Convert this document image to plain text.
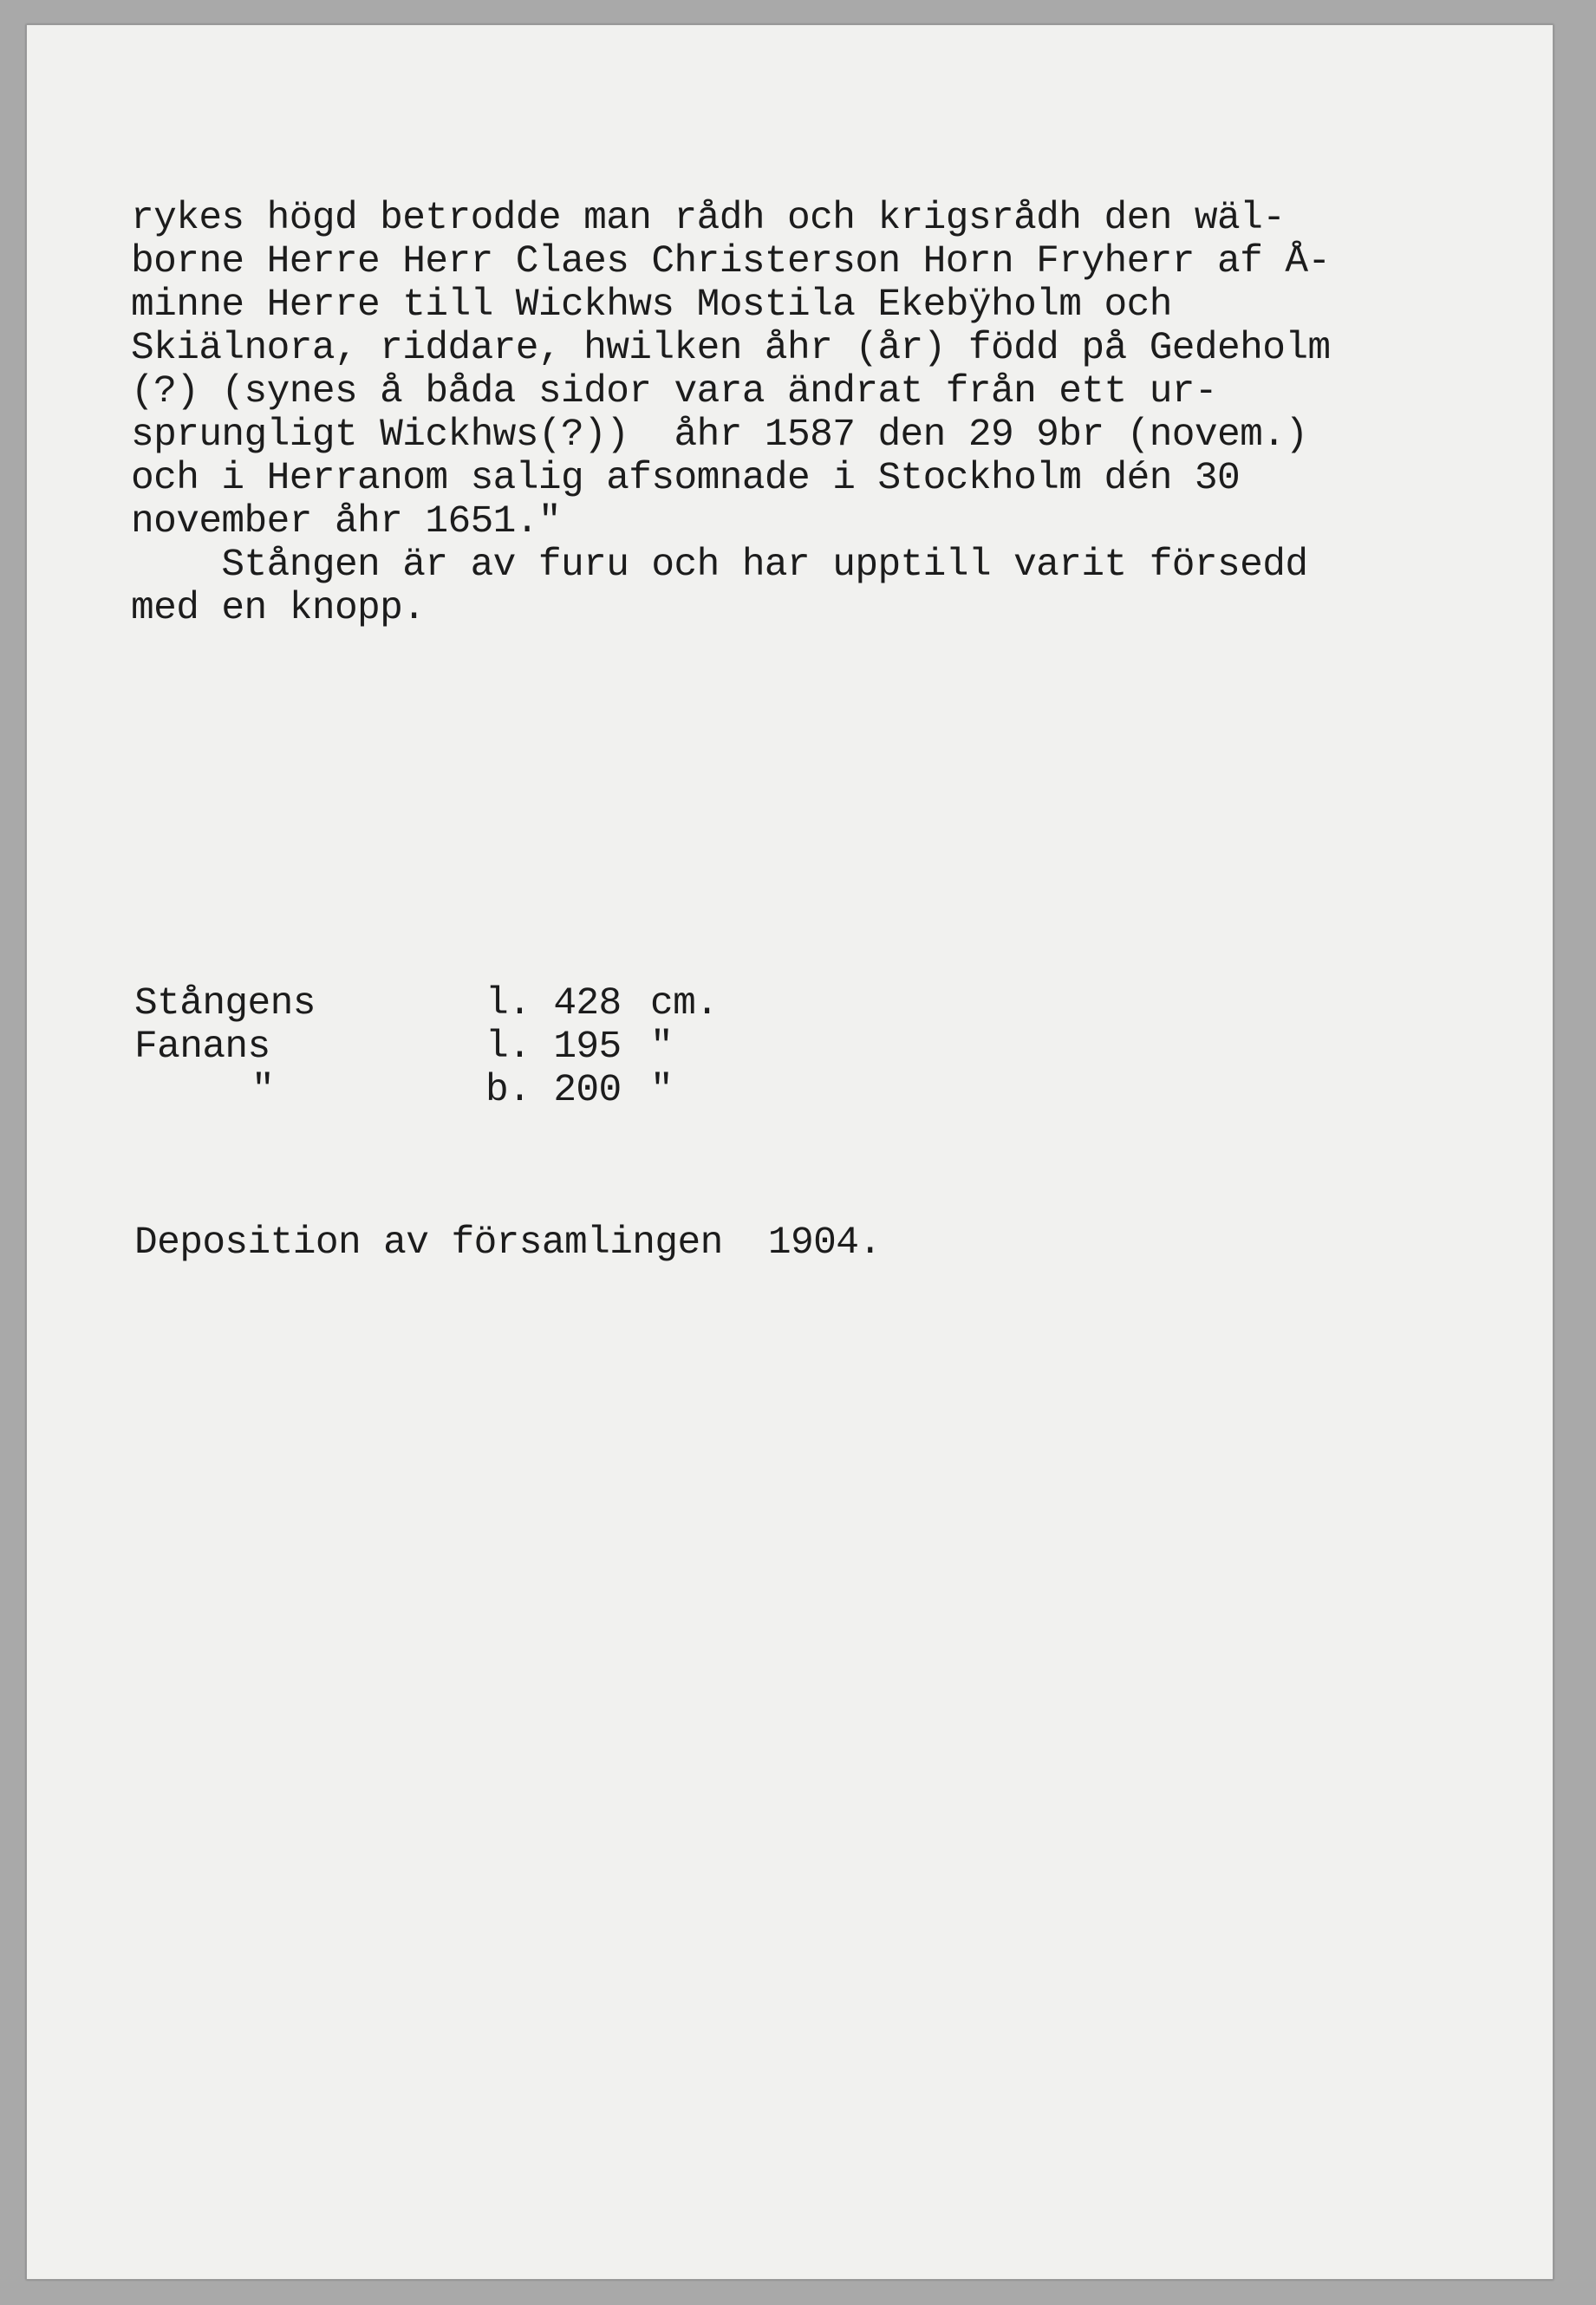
rykes högd betrodde man rådh och krigsrådh den wäl-
borne Herre Herr Claes Christerson Horn Fryherr af Å-
minne Herre till Wickhws Mostila Ekebÿholm och
Skiälnora, riddare, hwilken åhr (år) född på Gedeholm
(?) (synes å båda sidor vara ändrat från ett ur-
sprungligt Wickhws(?))  åhr 1587 den 29 9br (novem.)
och i Herranom salig afsomnade i Stockholm dén 30
november åhr 1651."
Stången är av furu och har upptill varit försedd
med en knopp.
Stångens	l. 428	cm.
Fanans	l. 195	"
"	b. 200	"
Deposition av församlingen  1904.
